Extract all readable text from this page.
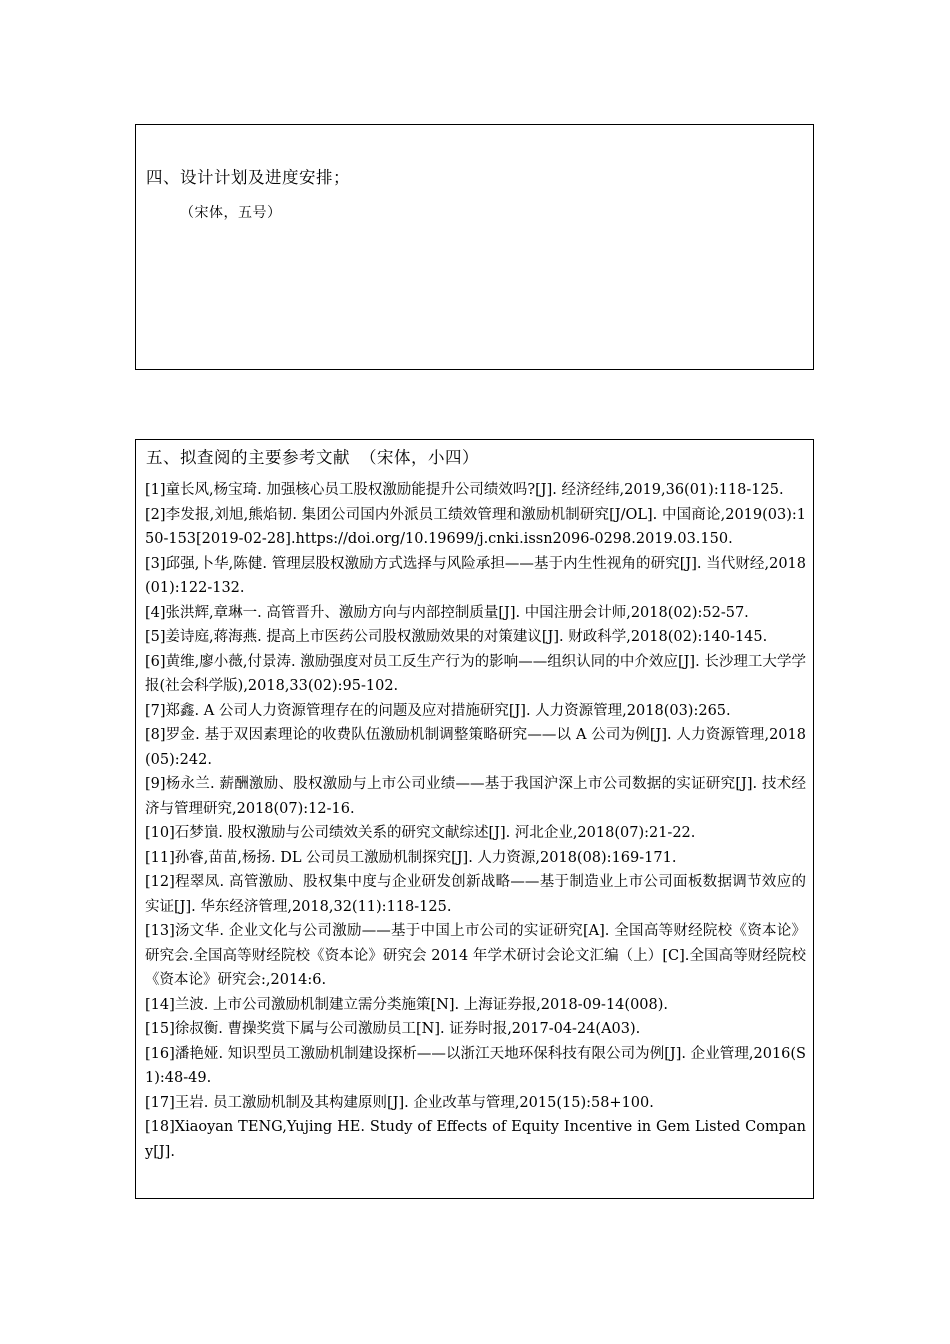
四、设计计划及进度安排；
（宋体，五号）
五、拟查阅的主要参考文献 （宋体，小四）
[1]童长风,杨宝琦. 加强核心员工股权激励能提升公司绩效吗?[J]. 经济经纬,2019,36(01):118-125.
[2]李发报,刘旭,熊焰韧. 集团公司国内外派员工绩效管理和激励机制研究[J/OL]. 中国商论,2019(03):150-153[2019-02-28].https://doi.org/10.19699/j.cnki.issn2096-0298.2019.03.150.
[3]邱强,卜华,陈健. 管理层股权激励方式选择与风险承担——基于内生性视角的研究[J]. 当代财经,2018(01):122-132.
[4]张洪辉,章琳一. 高管晋升、激励方向与内部控制质量[J]. 中国注册会计师,2018(02):52-57.
[5]姜诗庭,蒋海燕. 提高上市医药公司股权激励效果的对策建议[J]. 财政科学,2018(02):140-145.
[6]黄维,廖小薇,付景涛. 激励强度对员工反生产行为的影响——组织认同的中介效应[J]. 长沙理工大学学报(社会科学版),2018,33(02):95-102.
[7]郑鑫. A 公司人力资源管理存在的问题及应对措施研究[J]. 人力资源管理,2018(03):265.
[8]罗金. 基于双因素理论的收费队伍激励机制调整策略研究——以 A 公司为例[J]. 人力资源管理,2018(05):242.
[9]杨永兰. 薪酬激励、股权激励与上市公司业绩——基于我国沪深上市公司数据的实证研究[J]. 技术经济与管理研究,2018(07):12-16.
[10]石梦嵿. 股权激励与公司绩效关系的研究文献综述[J]. 河北企业,2018(07):21-22.
[11]孙睿,苗苗,杨扬. DL 公司员工激励机制探究[J]. 人力资源,2018(08):169-171.
[12]程翠凤. 高管激励、股权集中度与企业研发创新战略——基于制造业上市公司面板数据调节效应的实证[J]. 华东经济管理,2018,32(11):118-125.
[13]汤文华. 企业文化与公司激励——基于中国上市公司的实证研究[A]. 全国高等财经院校《资本论》研究会.全国高等财经院校《资本论》研究会 2014 年学术研讨会论文汇编（上）[C].全国高等财经院校《资本论》研究会:,2014:6.
[14]兰波. 上市公司激励机制建立需分类施策[N]. 上海证券报,2018-09-14(008).
[15]徐叔衡. 曹操奖赏下属与公司激励员工[N]. 证券时报,2017-04-24(A03).
[16]潘艳娅. 知识型员工激励机制建设探析——以浙江天地环保科技有限公司为例[J]. 企业管理,2016(S1):48-49.
[17]王岩. 员工激励机制及其构建原则[J]. 企业改革与管理,2015(15):58+100.
[18]Xiaoyan TENG,Yujing HE. Study of Effects of Equity Incentive in Gem Listed Company[J].
